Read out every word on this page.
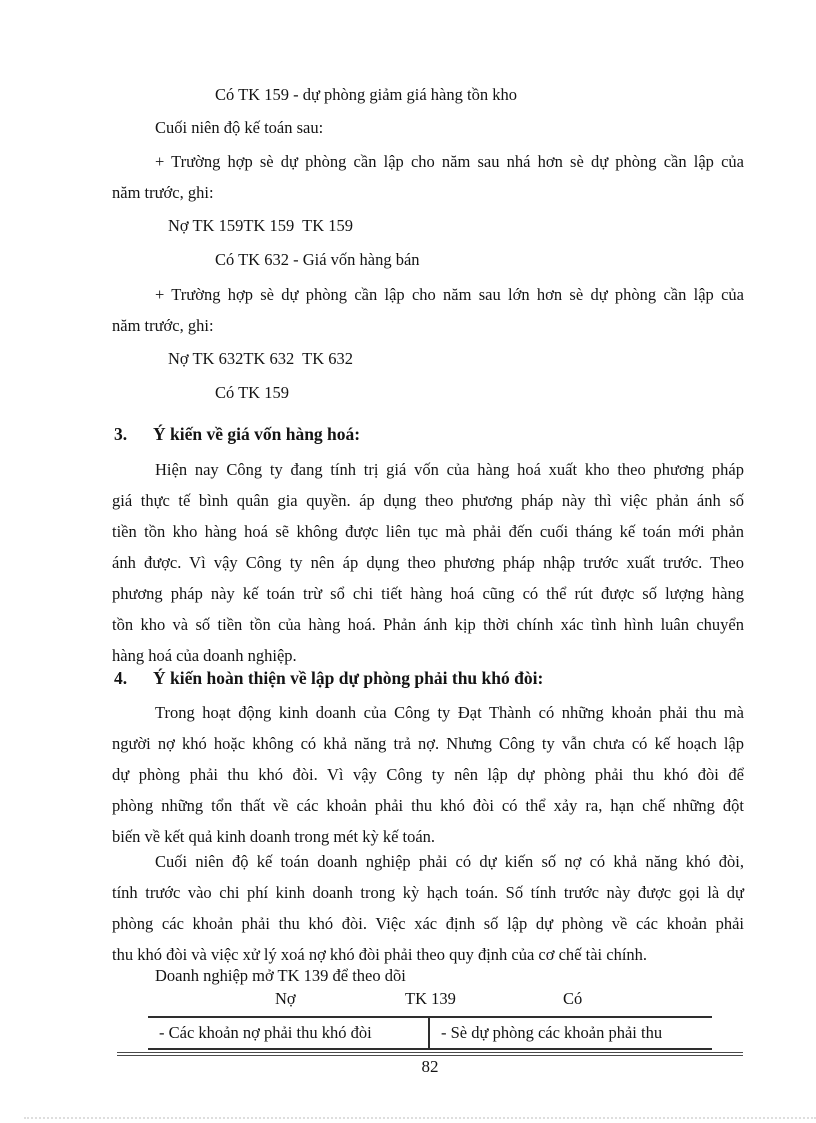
Có TK 159 - dự phòng giảm giá hàng tồn kho
Cuối niên độ kế toán sau:
+ Trường hợp sè dự phòng cần lập cho năm sau nhá hơn sè dự phòng cần lập của
năm trước, ghi:
Nợ TK 159TK 159  TK 159
Có TK 632 - Giá vốn hàng bán
+ Trường hợp sè dự phòng cần lập cho năm sau lớn hơn sè dự phòng cần lập của
năm trước, ghi:
Nợ TK 632TK 632  TK 632
Có TK 159
3. Ý kiến về giá vốn hàng hoá:
Hiện nay Công ty đang tính trị giá vốn của hàng hoá xuất kho theo phương pháp
giá thực tế bình quân gia quyền. áp dụng theo phương pháp này thì việc phản ánh số
tiền tồn kho hàng hoá sẽ không được liên tục mà phải đến cuối tháng kế toán mới phản
ánh được. Vì vậy Công ty nên áp dụng theo phương pháp nhập trước xuất trước. Theo
phương pháp này kế toán trừ sổ chi tiết hàng hoá cũng có thể rút được số lượng hàng
tồn kho và số tiền tồn của hàng hoá. Phản ánh kịp thời chính xác tình hình luân chuyển
hàng hoá của doanh nghiệp.
4. Ý kiến hoàn thiện về lập dự phòng phải thu khó đòi:
Trong hoạt động kinh doanh của Công ty Đạt Thành có những khoản phải thu mà
người nợ khó hoặc không có khả năng trả nợ. Nhưng Công ty vẫn chưa có kế hoạch lập
dự phòng phải thu khó đòi. Vì vậy Công ty nên lập dự phòng phải thu khó đòi để
phòng những tổn thất về các khoản phải thu khó đòi có thể xảy ra, hạn chế những đột
biến về kết quả kinh doanh trong mét kỳ kế toán.
Cuối niên độ kế toán doanh nghiệp phải có dự kiến số nợ có khả năng khó đòi,
tính trước vào chi phí kinh doanh trong kỳ hạch toán. Số tính trước này được gọi là dự
phòng các khoản phải thu khó đòi. Việc xác định số lập dự phòng về các khoản phải
thu khó đòi và việc xử lý xoá nợ khó đòi phải theo quy định của cơ chế tài chính.
Doanh nghiệp mở TK 139 để theo dõi
Nợ	TK 139	Có
- Các khoản nợ phải thu khó đòi	- Sè dự phòng các khoản phải thu
82
